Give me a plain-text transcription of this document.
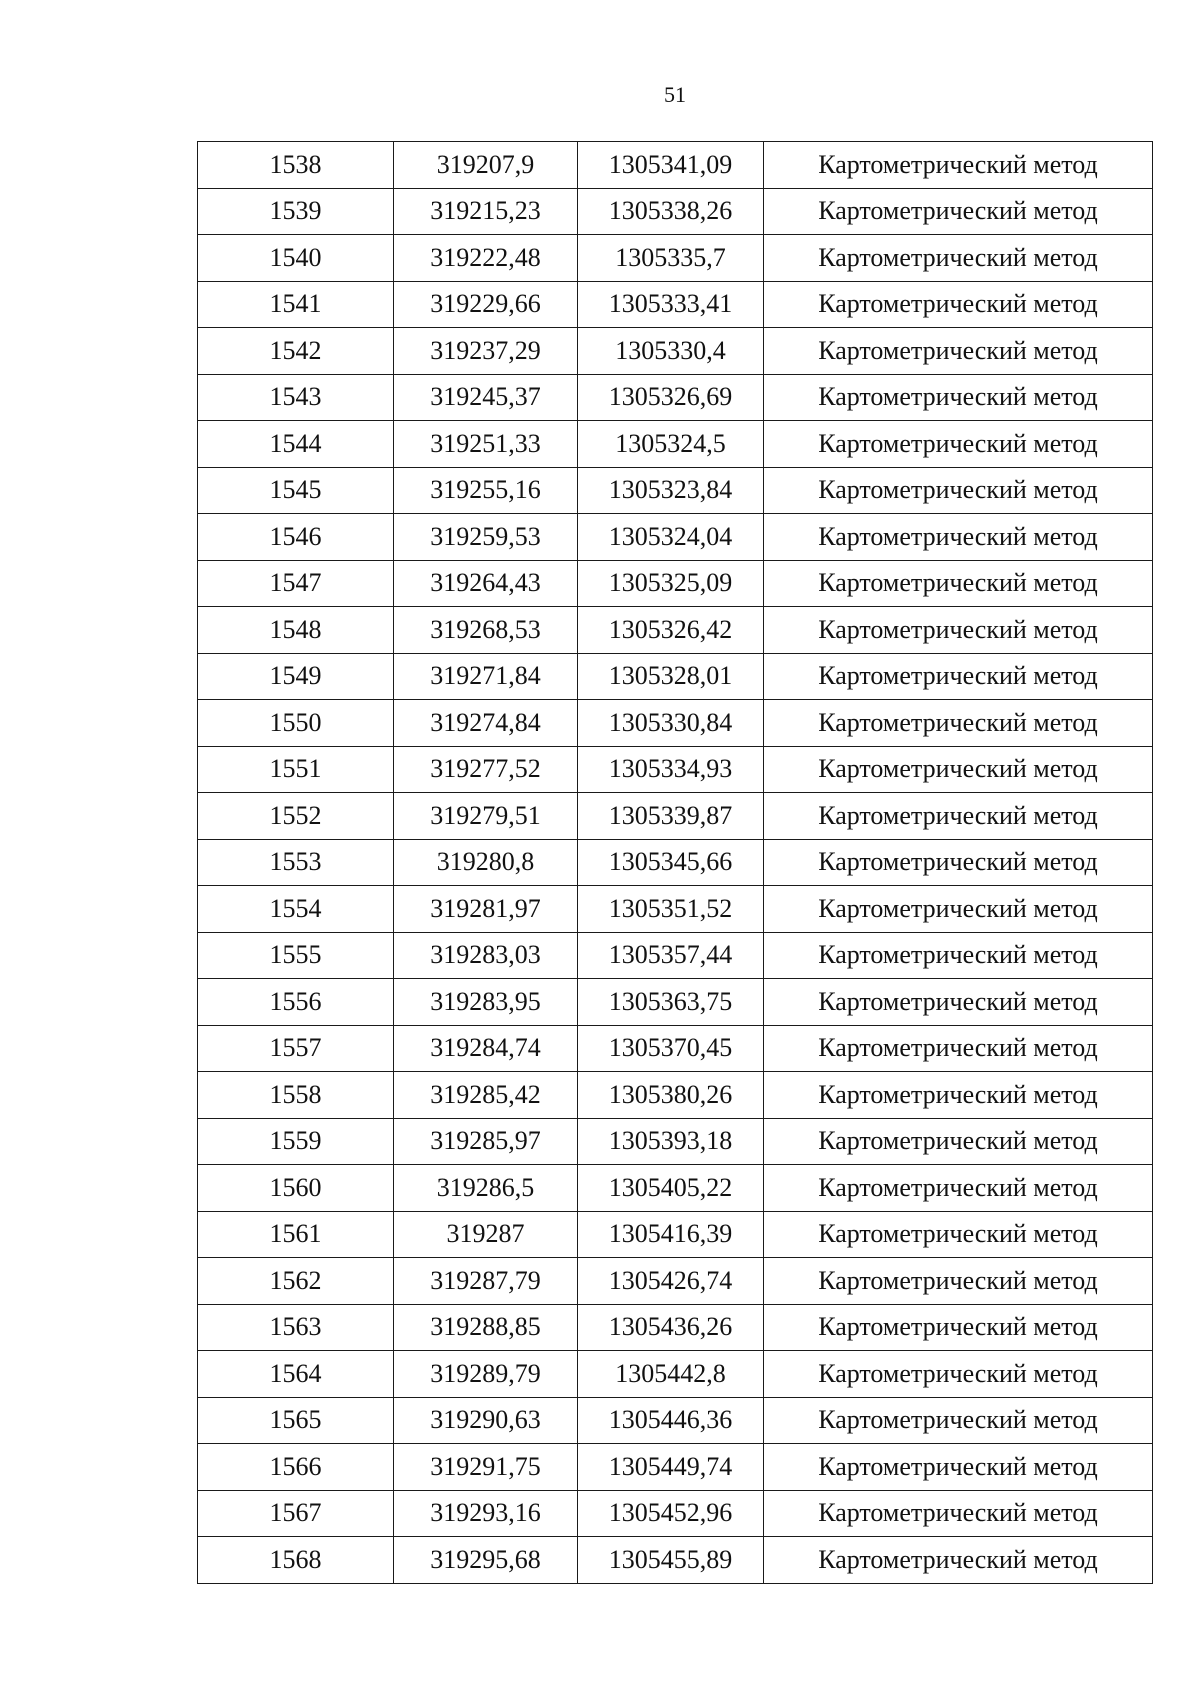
51
1538	319207,9	1305341,09	Картометрический метод
1539	319215,23	1305338,26	Картометрический метод
1540	319222,48	1305335,7	Картометрический метод
1541	319229,66	1305333,41	Картометрический метод
1542	319237,29	1305330,4	Картометрический метод
1543	319245,37	1305326,69	Картометрический метод
1544	319251,33	1305324,5	Картометрический метод
1545	319255,16	1305323,84	Картометрический метод
1546	319259,53	1305324,04	Картометрический метод
1547	319264,43	1305325,09	Картометрический метод
1548	319268,53	1305326,42	Картометрический метод
1549	319271,84	1305328,01	Картометрический метод
1550	319274,84	1305330,84	Картометрический метод
1551	319277,52	1305334,93	Картометрический метод
1552	319279,51	1305339,87	Картометрический метод
1553	319280,8	1305345,66	Картометрический метод
1554	319281,97	1305351,52	Картометрический метод
1555	319283,03	1305357,44	Картометрический метод
1556	319283,95	1305363,75	Картометрический метод
1557	319284,74	1305370,45	Картометрический метод
1558	319285,42	1305380,26	Картометрический метод
1559	319285,97	1305393,18	Картометрический метод
1560	319286,5	1305405,22	Картометрический метод
1561	319287	1305416,39	Картометрический метод
1562	319287,79	1305426,74	Картометрический метод
1563	319288,85	1305436,26	Картометрический метод
1564	319289,79	1305442,8	Картометрический метод
1565	319290,63	1305446,36	Картометрический метод
1566	319291,75	1305449,74	Картометрический метод
1567	319293,16	1305452,96	Картометрический метод
1568	319295,68	1305455,89	Картометрический метод
